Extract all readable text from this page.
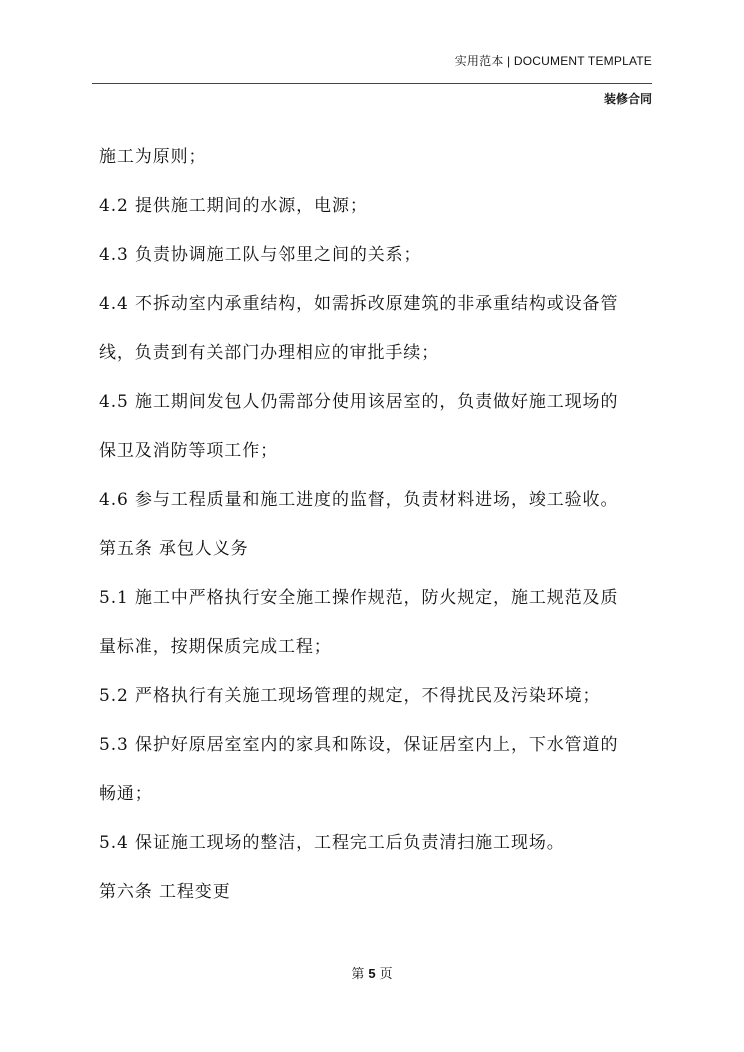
实用范本 | DOCUMENT TEMPLATE
装修合同
施工为原则；
4.2 提供施工期间的水源，电源；
4.3 负责协调施工队与邻里之间的关系；
4.4 不拆动室内承重结构，如需拆改原建筑的非承重结构或设备管
线，负责到有关部门办理相应的审批手续；
4.5 施工期间发包人仍需部分使用该居室的，负责做好施工现场的
保卫及消防等项工作；
4.6 参与工程质量和施工进度的监督，负责材料进场，竣工验收。
第五条 承包人义务
5.1 施工中严格执行安全施工操作规范，防火规定，施工规范及质
量标准，按期保质完成工程；
5.2 严格执行有关施工现场管理的规定，不得扰民及污染环境；
5.3 保护好原居室室内的家具和陈设，保证居室内上，下水管道的
畅通；
5.4 保证施工现场的整洁，工程完工后负责清扫施工现场。
第六条 工程变更
第 5 页
